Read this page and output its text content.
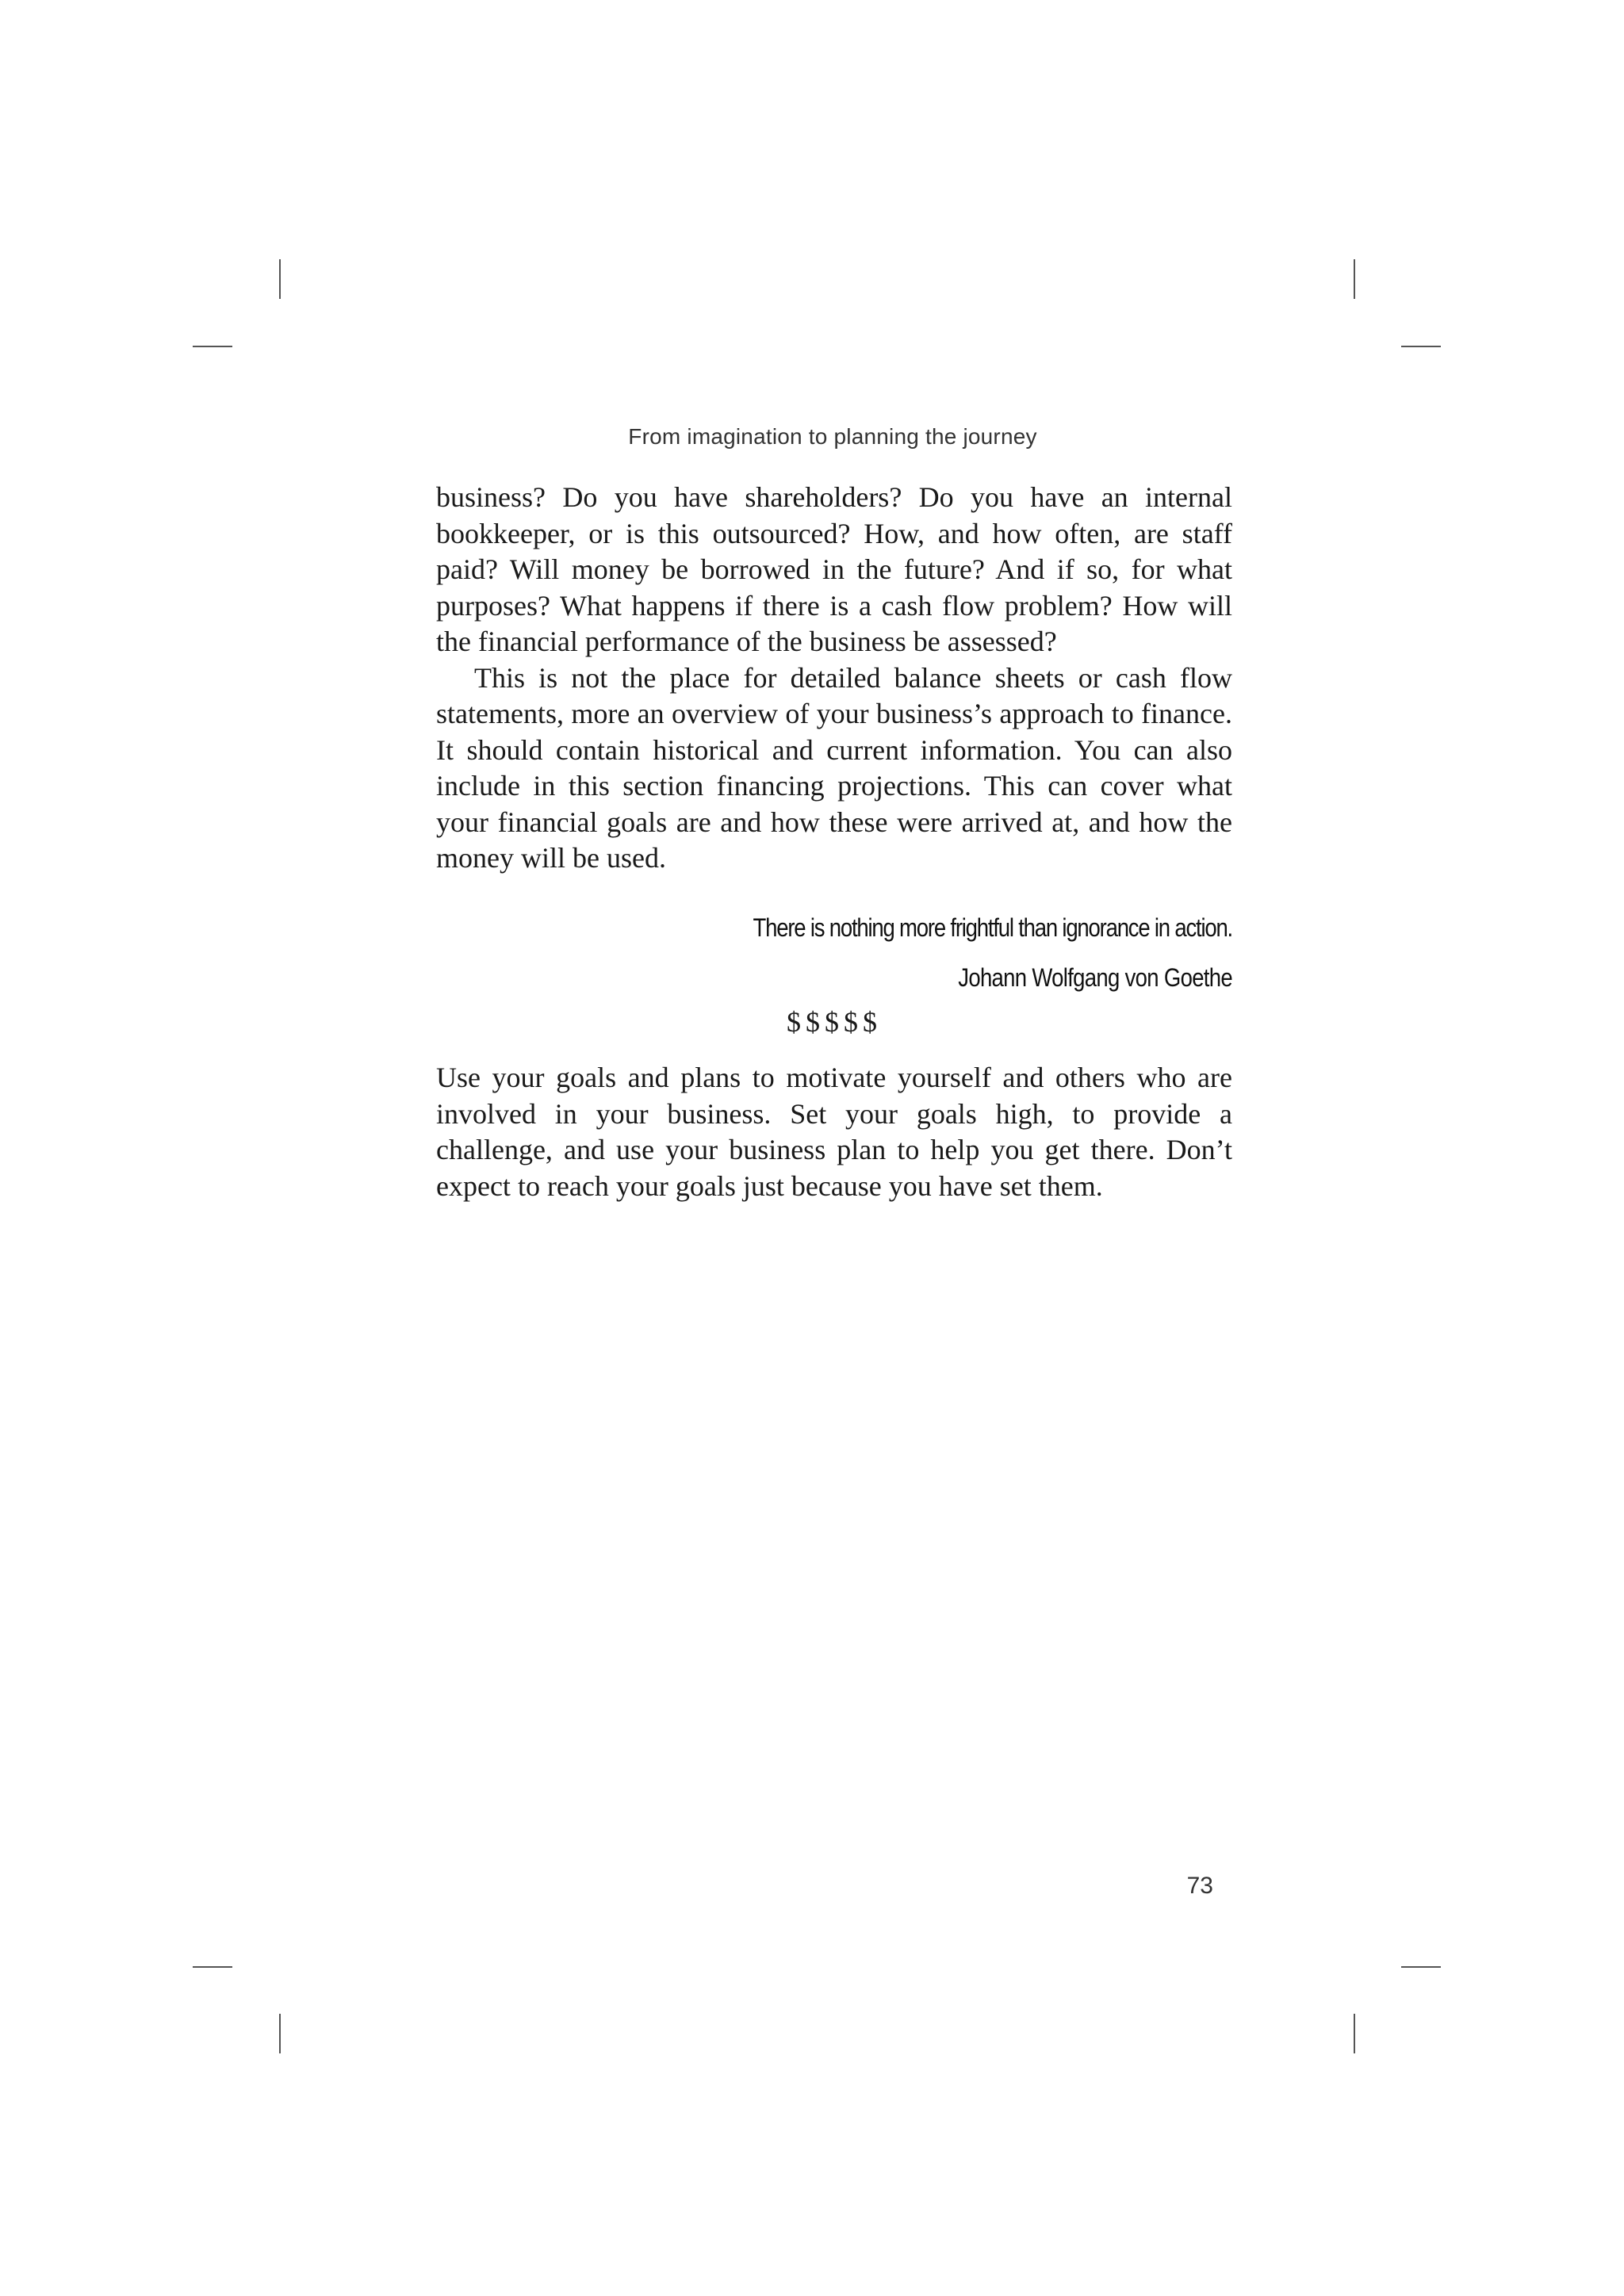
From imagination to planning the journey

business? Do you have shareholders? Do you have an internal bookkeeper, or is this outsourced? How, and how often, are staff paid? Will money be borrowed in the future? And if so, for what purposes? What happens if there is a cash flow problem? How will the financial performance of the business be assessed?

This is not the place for detailed balance sheets or cash flow statements, more an overview of your business’s approach to finance. It should contain historical and current information. You can also include in this section financing projections. This can cover what your financial goals are and how these were arrived at, and how the money will be used.

There is nothing more frightful than ignorance in action.
Johann Wolfgang von Goethe
$$$$$

Use your goals and plans to motivate yourself and others who are involved in your business. Set your goals high, to provide a challenge, and use your business plan to help you get there. Don’t expect to reach your goals just because you have set them.

73
